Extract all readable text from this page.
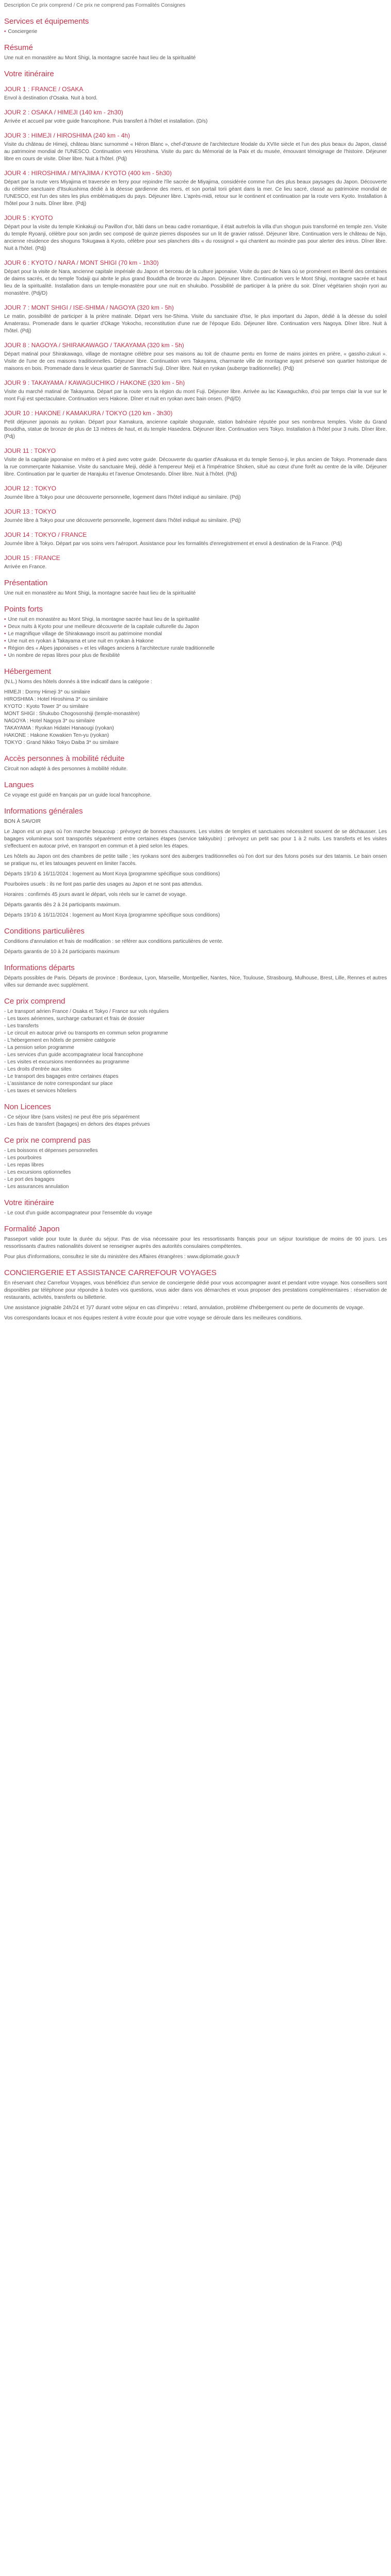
Description Ce prix comprend / Ce prix ne comprend pas Formalités Consignes
Services et équipements
• Conciergerie
Résumé

Une nuit en monastère au Mont Shigi, la montagne sacrée haut lieu de la spiritualité

Votre itinéraire
JOUR 1 : FRANCE / OSAKA

Envol à destination d'Osaka. Nuit à bord.

JOUR 2 : OSAKA / HIMEJI (140 km - 2h30)

Arrivée et accueil par votre guide francophone. Puis transfert à l'hôtel et installation. (D/s)

JOUR 3 : HIMEJI / HIROSHIMA (240 km - 4h)

Visite du château de Himeji, château blanc surnommé « Héron Blanc », chef-d'œuvre de l'architecture féodale du XVIIe siècle et l'un des plus beaux du Japon, classé au patrimoine mondial de l'UNESCO. Continuation vers Hiroshima. Visite du parc du Mémorial de la Paix et du musée, émouvant témoignage de l'histoire. Déjeuner libre en cours de visite. Dîner libre. Nuit à l'hôtel. (Pdj)

JOUR 4 : HIROSHIMA / MIYAJIMA / KYOTO (400 km - 5h30)

Départ par la route vers Miyajima et traversée en ferry pour rejoindre l'île sacrée de Miyajima, considérée comme l'un des plus beaux paysages du Japon. Découverte du célèbre sanctuaire d'Itsukushima dédié à la déesse gardienne des mers, et son portail torii géant dans la mer. Ce lieu sacré, classé au patrimoine mondial de l'UNESCO, est l'un des sites les plus emblématiques du pays. Déjeuner libre. L'après-midi, retour sur le continent et continuation par la route vers Kyoto. Installation à l'hôtel pour 3 nuits. Dîner libre. (Pdj)

JOUR 5 : KYOTO

Départ pour la visite du temple Kinkakuji ou Pavillon d'or, bâti dans un beau cadre romantique, il était autrefois la villa d'un shogun puis transformé en temple zen. Visite du temple Ryoanji, célèbre pour son jardin sec composé de quinze pierres disposées sur un lit de gravier ratissé. Déjeuner libre. Continuation vers le château de Nijo, ancienne résidence des shoguns Tokugawa à Kyoto, célèbre pour ses planchers dits « du rossignol » qui chantent au moindre pas pour alerter des intrus. Dîner libre. Nuit à l'hôtel. (Pdj)

JOUR 6 : KYOTO / NARA / MONT SHIGI (70 km - 1h30)

Départ pour la visite de Nara, ancienne capitale impériale du Japon et berceau de la culture japonaise. Visite du parc de Nara où se promènent en liberté des centaines de daims sacrés, et du temple Todaiji qui abrite le plus grand Bouddha de bronze du Japon. Déjeuner libre. Continuation vers le Mont Shigi, montagne sacrée et haut lieu de la spiritualité. Installation dans un temple-monastère pour une nuit en shukubo. Possibilité de participer à la prière du soir. Dîner végétarien shojin ryori au monastère. (Pdj/D)

JOUR 7 : MONT SHIGI / ISE-SHIMA / NAGOYA (320 km - 5h)

Le matin, possibilité de participer à la prière matinale. Départ vers Ise-Shima. Visite du sanctuaire d'Ise, le plus important du Japon, dédié à la déesse du soleil Amaterasu. Promenade dans le quartier d'Okage Yokocho, reconstitution d'une rue de l'époque Edo. Déjeuner libre. Continuation vers Nagoya. Dîner libre. Nuit à l'hôtel. (Pdj)

JOUR 8 : NAGOYA / SHIRAKAWAGO / TAKAYAMA (320 km - 5h)

Départ matinal pour Shirakawago, village de montagne célèbre pour ses maisons au toit de chaume pentu en forme de mains jointes en prière, « gassho-zukuri ». Visite de l'une de ces maisons traditionnelles. Déjeuner libre. Continuation vers Takayama, charmante ville de montagne ayant préservé son quartier historique de maisons en bois. Promenade dans le vieux quartier de Sanmachi Suji. Dîner libre. Nuit en ryokan (auberge traditionnelle). (Pdj)

JOUR 9 : TAKAYAMA / KAWAGUCHIKO / HAKONE (320 km - 5h)

Visite du marché matinal de Takayama. Départ par la route vers la région du mont Fuji. Déjeuner libre. Arrivée au lac Kawaguchiko, d'où par temps clair la vue sur le mont Fuji est spectaculaire. Continuation vers Hakone. Dîner et nuit en ryokan avec bain onsen. (Pdj/D)

JOUR 10 : HAKONE / KAMAKURA / TOKYO (120 km - 3h30)

Petit déjeuner japonais au ryokan. Départ pour Kamakura, ancienne capitale shogunale, station balnéaire réputée pour ses nombreux temples. Visite du Grand Bouddha, statue de bronze de plus de 13 mètres de haut, et du temple Hasedera. Déjeuner libre. Continuation vers Tokyo. Installation à l'hôtel pour 3 nuits. Dîner libre. (Pdj)

JOUR 11 : TOKYO

Visite de la capitale japonaise en métro et à pied avec votre guide. Découverte du quartier d'Asakusa et du temple Senso-ji, le plus ancien de Tokyo. Promenade dans la rue commerçante Nakamise. Visite du sanctuaire Meiji, dédié à l'empereur Meiji et à l'impératrice Shoken, situé au cœur d'une forêt au centre de la ville. Déjeuner libre. Continuation par le quartier de Harajuku et l'avenue Omotesando. Dîner libre. Nuit à l'hôtel. (Pdj)

JOUR 12 : TOKYO

Journée libre à Tokyo pour une découverte personnelle, logement dans l'hôtel indiqué au similaire. (Pdj)

JOUR 13 : TOKYO

Journée libre à Tokyo pour une découverte personnelle, logement dans l'hôtel indiqué au similaire. (Pdj)

JOUR 14 : TOKYO / FRANCE

Journée libre à Tokyo. Départ par vos soins vers l'aéroport. Assistance pour les formalités d'enregistrement et envol à destination de la France. (Pdj)

JOUR 15 : FRANCE

Arrivée en France.

Présentation

Une nuit en monastère au Mont Shigi, la montagne sacrée haut lieu de la spiritualité

Points forts
• Une nuit en monastère au Mont Shigi, la montagne sacrée haut lieu de la spiritualité
• Deux nuits à Kyoto pour une meilleure découverte de la capitale culturelle du Japon
• Le magnifique village de Shirakawago inscrit au patrimoine mondial
• Une nuit en ryokan à Takayama et une nuit en ryokan à Hakone
• Région des « Alpes japonaises » et les villages anciens à l'architecture rurale traditionnelle
• Un nombre de repas libres pour plus de flexibilité
Hébergement

(N.L.) Noms des hôtels donnés à titre indicatif dans la catégorie :

HIMEJI : Dormy Himeji 3* ou similaire
HIROSHIMA : Hotel Hiroshima 3* ou similaire
KYOTO : Kyoto Tower 3* ou similaire
MONT SHIGI : Shukubo Chogosonshiji (temple-monastère)
NAGOYA : Hotel Nagoya 3* ou similaire
TAKAYAMA : Ryokan Hidatei Hanaougi (ryokan)
HAKONE : Hakone Kowakien Ten-yu (ryokan)
TOKYO : Grand Nikko Tokyo Daiba 3* ou similaire
Accès personnes à mobilité réduite

Circuit non adapté à des personnes à mobilité réduite.

Langues

Ce voyage est guidé en français par un guide local francophone.

Informations générales

BON À SAVOIR

Le Japon est un pays où l'on marche beaucoup : prévoyez de bonnes chaussures. Les visites de temples et sanctuaires nécessitent souvent de se déchausser. Les bagages volumineux sont transportés séparément entre certaines étapes (service takkyubin) : prévoyez un petit sac pour 1 à 2 nuits. Les transferts et les visites s'effectuent en autocar privé, en transport en commun et à pied selon les étapes.

Les hôtels au Japon ont des chambres de petite taille ; les ryokans sont des auberges traditionnelles où l'on dort sur des futons posés sur des tatamis. Le bain onsen se pratique nu, et les tatouages peuvent en limiter l'accès.

Départs 19/10 & 16/11/2024 : logement au Mont Koya (programme spécifique sous conditions)

Pourboires usuels : ils ne font pas partie des usages au Japon et ne sont pas attendus.

Horaires : confirmés 45 jours avant le départ, vols réels sur le carnet de voyage.

Départs garantis dès 2 à 24 participants maximum.

Départs 19/10 & 16/11/2024 : logement au Mont Koya (programme spécifique sous conditions)

Conditions particulières

Conditions d'annulation et frais de modification : se référer aux conditions particulières de vente.

Départs garantis de 10 à 24 participants maximum

Informations départs

Départs possibles de Paris. Départs de province : Bordeaux, Lyon, Marseille, Montpellier, Nantes, Nice, Toulouse, Strasbourg, Mulhouse, Brest, Lille, Rennes et autres villes sur demande avec supplément.

Ce prix comprend
- Le transport aérien France / Osaka et Tokyo / France sur vols réguliers
- Les taxes aériennes, surcharge carburant et frais de dossier
- Les transferts
- Le circuit en autocar privé ou transports en commun selon programme
- L'hébergement en hôtels de première catégorie
- La pension selon programme
- Les services d'un guide accompagnateur local francophone
- Les visites et excursions mentionnées au programme
- Les droits d'entrée aux sites
- Le transport des bagages entre certaines étapes
- L'assistance de notre correspondant sur place
- Les taxes et services hôteliers
Non Licences
- Ce séjour libre (sans visites) ne peut être pris séparément
- Les frais de transfert (bagages) en dehors des étapes prévues
Ce prix ne comprend pas
- Les boissons et dépenses personnelles
- Les pourboires
- Les repas libres
- Les excursions optionnelles
- Le port des bagages
- Les assurances annulation
Votre itinéraire
- Le cout d'un guide accompagnateur pour l'ensemble du voyage
Formalité Japon

Passeport valide pour toute la durée du séjour. Pas de visa nécessaire pour les ressortissants français pour un séjour touristique de moins de 90 jours. Les ressortissants d'autres nationalités doivent se renseigner auprès des autorités consulaires compétentes.

Pour plus d'informations, consultez le site du ministère des Affaires étrangères : www.diplomatie.gouv.fr

CONCIERGERIE ET ASSISTANCE CARREFOUR VOYAGES

En réservant chez Carrefour Voyages, vous bénéficiez d'un service de conciergerie dédié pour vous accompagner avant et pendant votre voyage. Nos conseillers sont disponibles par téléphone pour répondre à toutes vos questions, vous aider dans vos démarches et vous proposer des prestations complémentaires : réservation de restaurants, activités, transferts ou billetterie.

Une assistance joignable 24h/24 et 7j/7 durant votre séjour en cas d'imprévu : retard, annulation, problème d'hébergement ou perte de documents de voyage.

Vos correspondants locaux et nos équipes restent à votre écoute pour que votre voyage se déroule dans les meilleures conditions.
